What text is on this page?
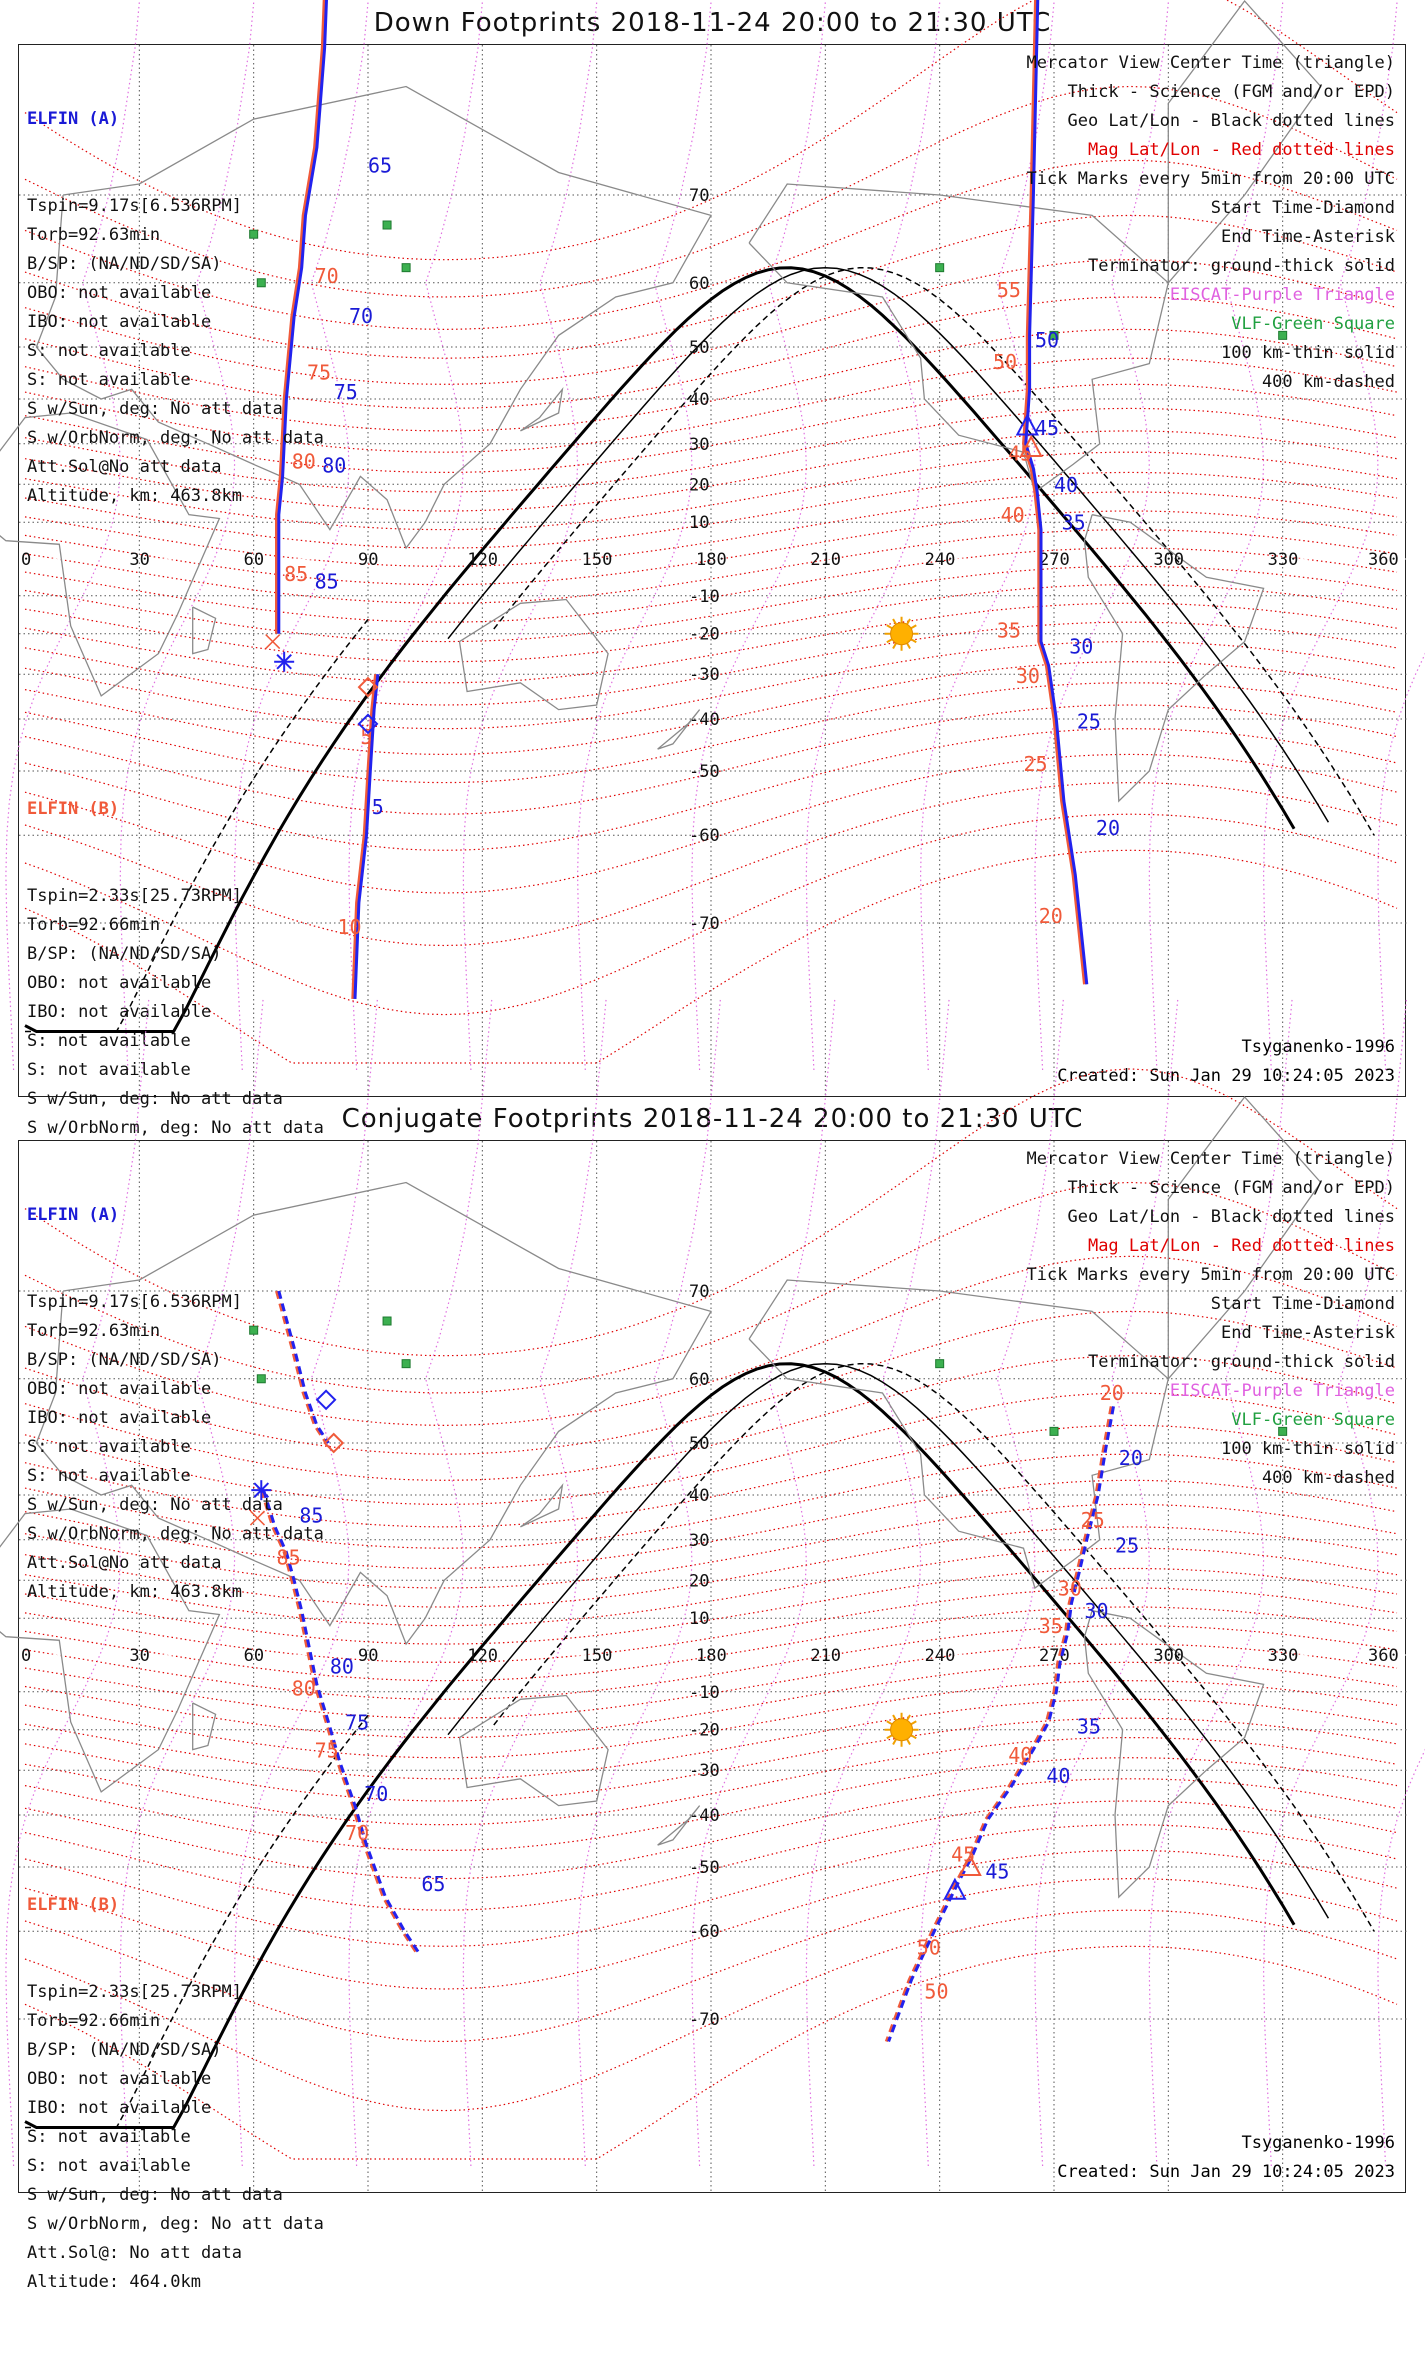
Down Footprints 2018-11-24 20:00 to 21:30 UTC
0	30	60	90	120	150	180	210	240	270	300	330	360
70
60
50
40
30
20
10
-10
-20
-30
-40
-50
-60
-70
65
70
75
80
85
50
45
40
35
30
25
20
5
70
75
80
85
55
50
45
40
35
30
25
20
10
5

ELFIN (A)

Tspin=9.17s[6.536RPM]
Torb=92.63min
B/SP: (NA/ND/SD/SA)
OBO: not available
IBO: not available
S: not available
S: not available
S w/Sun, deg: No att data
S w/OrbNorm, deg: No att data
Att.Sol@No att data
Altitude, km: 463.8km

ELFIN (B)

Tspin=2.33s[25.73RPM]
Torb=92.66min
B/SP: (NA/ND/SD/SA)
OBO: not available
IBO: not available
S: not available
S: not available
S w/Sun, deg: No att data
S w/OrbNorm, deg: No att data

Mercator View Center Time (triangle)
Thick - Science (FGM and/or EPD)
Geo Lat/Lon - Black dotted lines
Mag Lat/Lon - Red dotted lines
Tick Marks every 5min from 20:00 UTC
Start Time-Diamond
End Time-Asterisk
Terminator: ground-thick solid
EISCAT-Purple Triangle
VLF-Green Square
100 km-thin solid
400 km-dashed
Tsyganenko-1996
Created: Sun Jan 29 10:24:05 2023
Conjugate Footprints 2018-11-24 20:00 to 21:30 UTC
0	30	60	90	120	150	180	210	240	270	300	330	360
70
60
50
40
30
20
10
-10
-20
-30
-40
-50
-60
-70
85
80
75
70
65
20
25
30
35
40
45
85
80
75
70
20
25
30
35
40
45
50
50

ELFIN (A)

Tspin=9.17s[6.536RPM]
Torb=92.63min
B/SP: (NA/ND/SD/SA)
OBO: not available
IBO: not available
S: not available
S: not available
S w/Sun, deg: No att data
S w/OrbNorm, deg: No att data
Att.Sol@No att data
Altitude, km: 463.8km

ELFIN (B)

Tspin=2.33s[25.73RPM]
Torb=92.66min
B/SP: (NA/ND/SD/SA)
OBO: not available
IBO: not available
S: not available
S: not available
S w/Sun, deg: No att data
S w/OrbNorm, deg: No att data
Att.Sol@: No att data
Altitude: 464.0km

Mercator View Center Time (triangle)
Thick - Science (FGM and/or EPD)
Geo Lat/Lon - Black dotted lines
Mag Lat/Lon - Red dotted lines
Tick Marks every 5min from 20:00 UTC
Start Time-Diamond
End Time-Asterisk
Terminator: ground-thick solid
EISCAT-Purple Triangle
VLF-Green Square
100 km-thin solid
400 km-dashed
Tsyganenko-1996
Created: Sun Jan 29 10:24:05 2023
